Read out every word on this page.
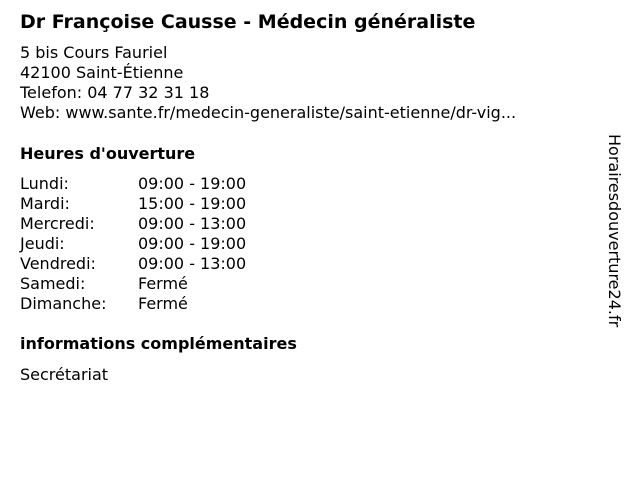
Dr Françoise Causse - Médecin généraliste
5 bis Cours Fauriel
42100 Saint-Étienne
Telefon: 04 77 32 31 18
Web: www.sante.fr/medecin-generaliste/saint-etienne/dr-vig...
Heures d'ouverture
Lundi:	09:00 - 19:00
Mardi:	15:00 - 19:00
Mercredi:	09:00 - 13:00
Jeudi:	09:00 - 19:00
Vendredi:	09:00 - 13:00
Samedi:	Fermé
Dimanche: Fermé
informations complémentaires
Secrétariat
Horairesdouverture24.fr
